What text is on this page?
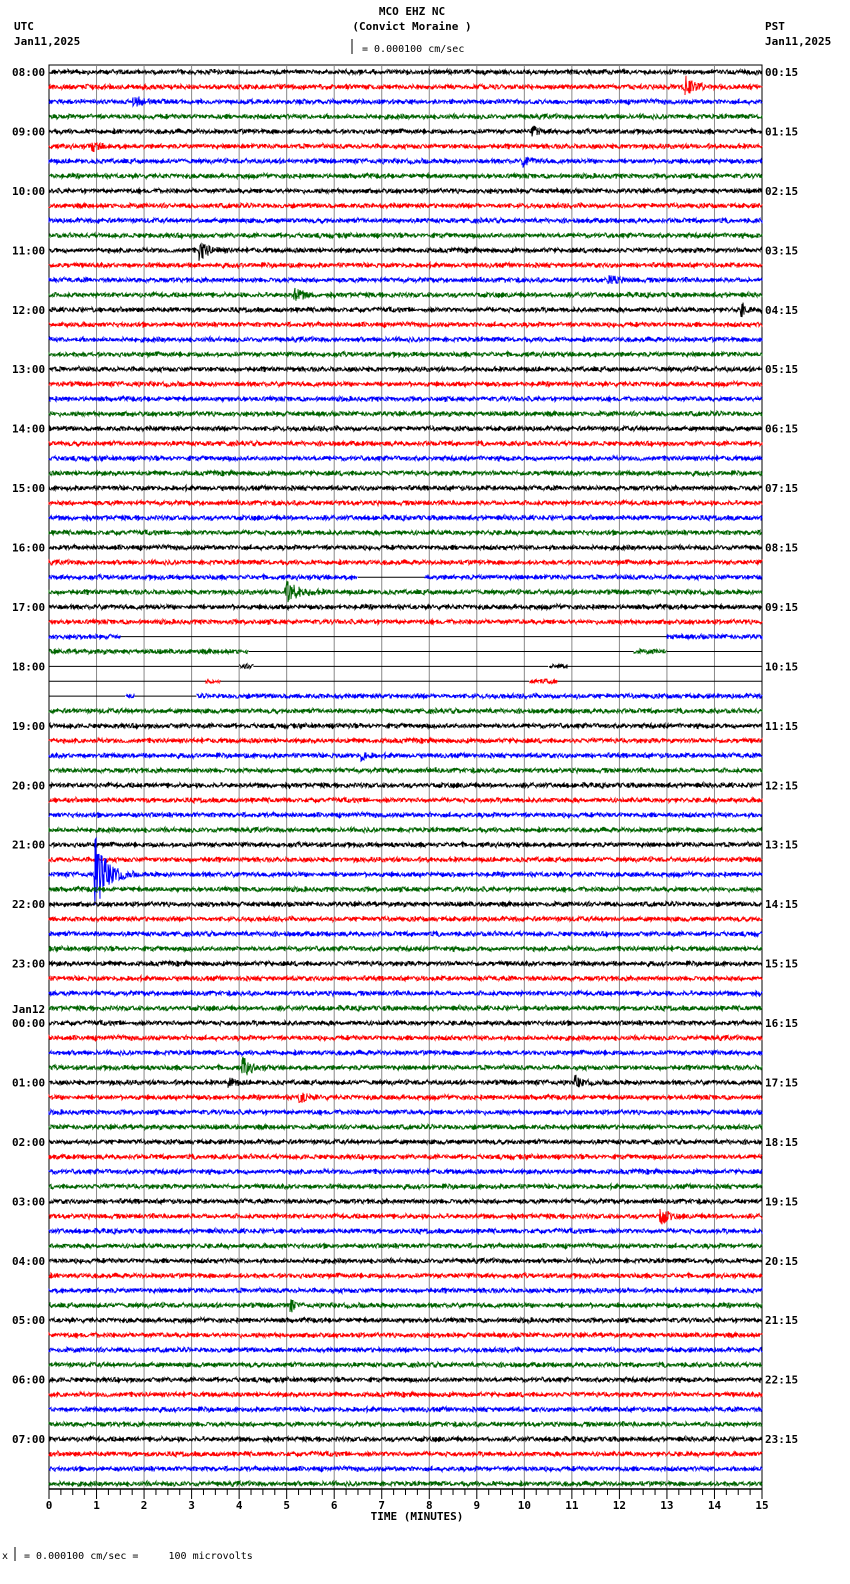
MCO EHZ NC
(Convict Moraine )
= 0.000100 cm/sec
UTC
Jan11,2025
PST
Jan11,2025
08:00
09:00
10:00
11:00
12:00
13:00
14:00
15:00
16:00
17:00
18:00
19:00
20:00
21:00
22:00
23:00
00:00
Jan12
01:00
02:00
03:00
04:00
05:00
06:00
07:00
00:15
01:15
02:15
03:15
04:15
05:15
06:15
07:15
08:15
09:15
10:15
11:15
12:15
13:15
14:15
15:15
16:15
17:15
18:15
19:15
20:15
21:15
22:15
23:15
0	1	2	3	4	5	6	7	8	9	10	11	12	13	14	15
TIME (MINUTES)
x = 0.000100 cm/sec =     100 microvolts
